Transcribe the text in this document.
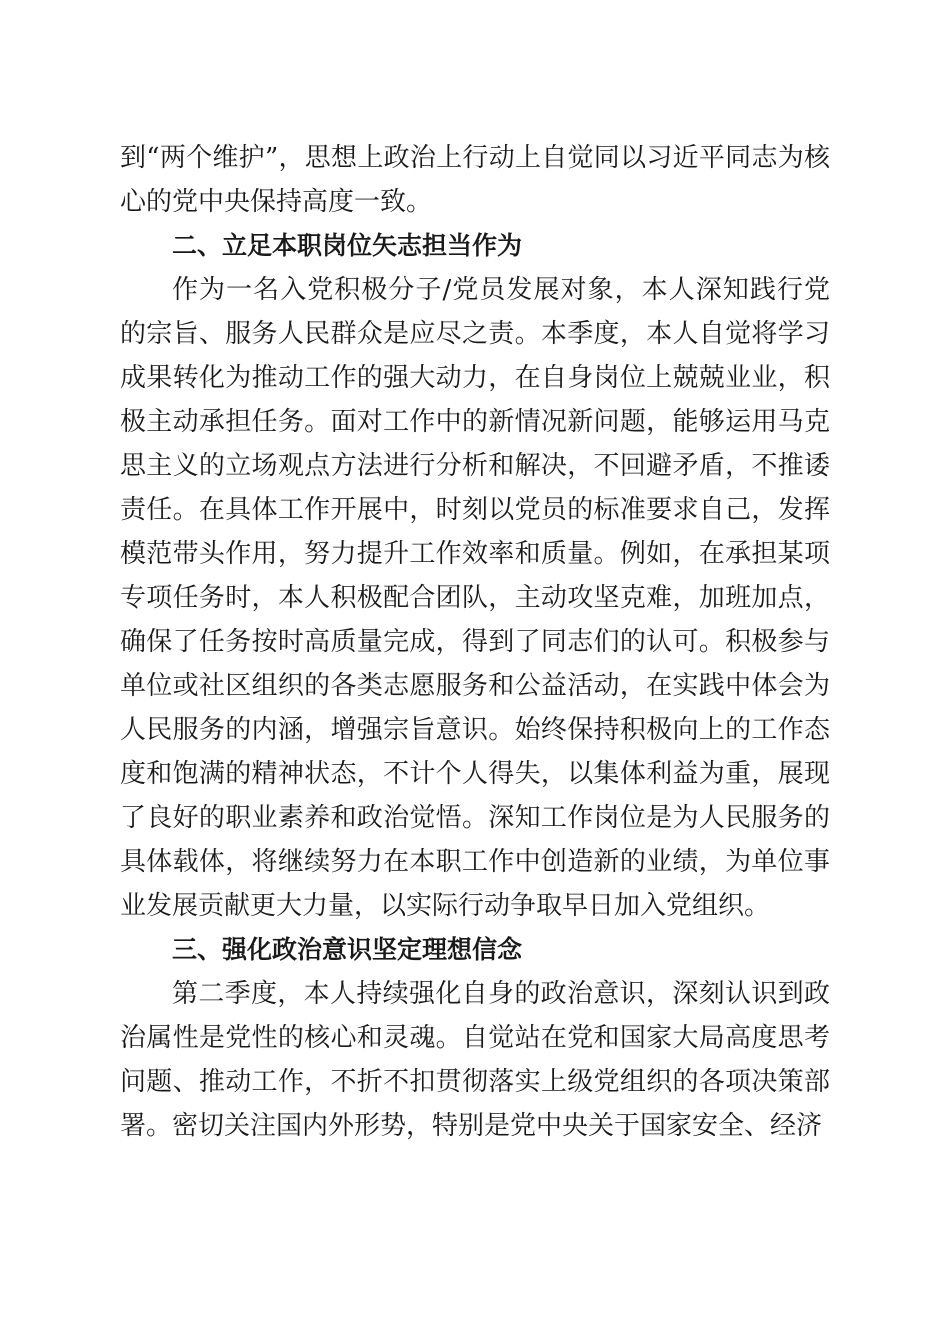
到“两个维护”，思想上政治上行动上自觉同以习近平同志为核心的党中央保持高度一致。

二、立足本职岗位矢志担当作为

作为一名入党积极分子/党员发展对象，本人深知践行党的宗旨、服务人民群众是应尽之责。本季度，本人自觉将学习成果转化为推动工作的强大动力，在自身岗位上兢兢业业，积极主动承担任务。面对工作中的新情况新问题，能够运用马克思主义的立场观点方法进行分析和解决，不回避矛盾，不推诿责任。在具体工作开展中，时刻以党员的标准要求自己，发挥模范带头作用，努力提升工作效率和质量。例如，在承担某项专项任务时，本人积极配合团队，主动攻坚克难，加班加点，确保了任务按时高质量完成，得到了同志们的认可。积极参与单位或社区组织的各类志愿服务和公益活动，在实践中体会为人民服务的内涵，增强宗旨意识。始终保持积极向上的工作态度和饱满的精神状态，不计个人得失，以集体利益为重，展现了良好的职业素养和政治觉悟。深知工作岗位是为人民服务的具体载体，将继续努力在本职工作中创造新的业绩，为单位事业发展贡献更大力量，以实际行动争取早日加入党组织。

三、强化政治意识坚定理想信念

第二季度，本人持续强化自身的政治意识，深刻认识到政治属性是党性的核心和灵魂。自觉站在党和国家大局高度思考问题、推动工作，不折不扣贯彻落实上级党组织的各项决策部署。密切关注国内外形势，特别是党中央关于国家安全、经济
